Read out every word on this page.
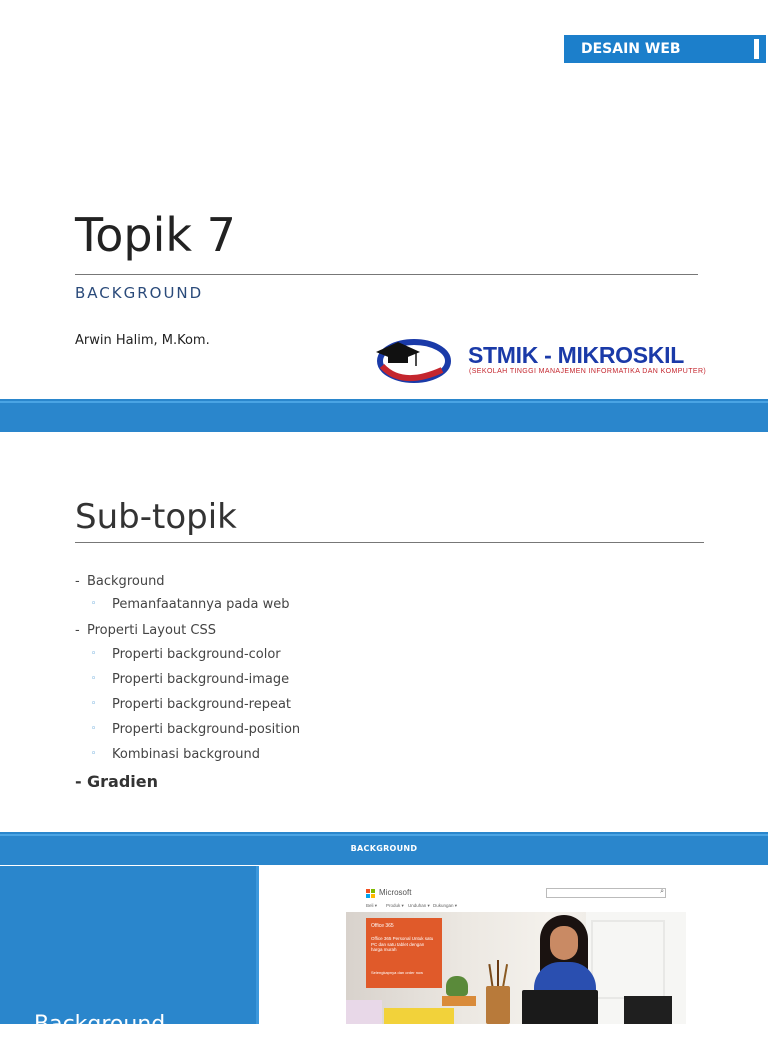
DESAIN WEB
Topik 7
BACKGROUND
Arwin Halim, M.Kom.
STMIK - MIKROSKIL
(SEKOLAH TINGGI MANAJEMEN INFORMATIKA DAN KOMPUTER)
Sub-topik
- Background
◦ Pemanfaatannya pada web
- Properti Layout CSS
◦ Properti background-color
◦ Properti background-image
◦ Properti background-repeat
◦ Properti background-position
◦ Kombinasi background
- Gradien
BACKGROUND
Background
Microsoft	⌕
Beli ▾ Produk ▾ Unduhan ▾ Dukungan ▾
Office 365
Office 365 Personal Untuk satu PC dan satu tablet dengan harga murah
Selengkapnya dan order now
